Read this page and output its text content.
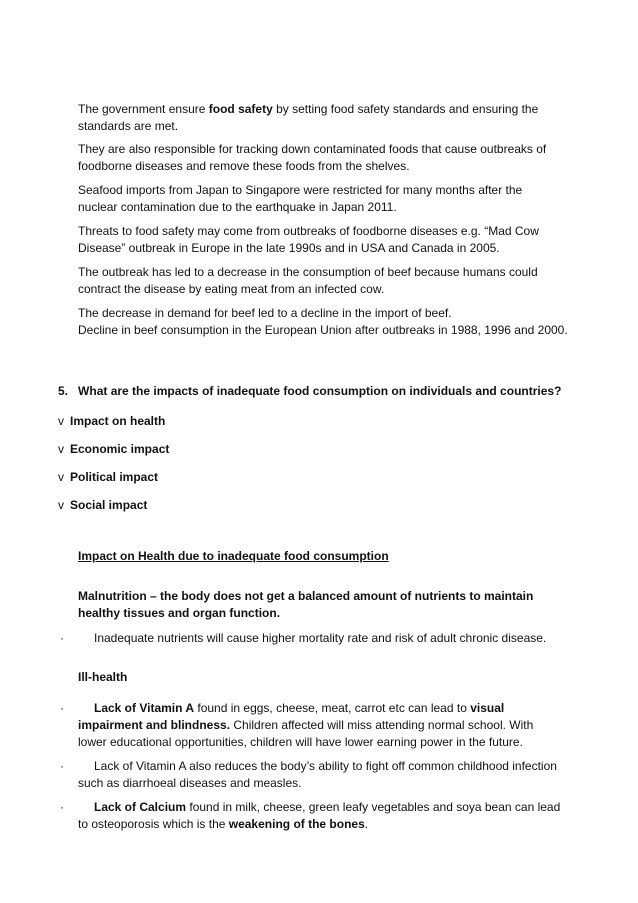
The government ensure food safety by setting food safety standards and ensuring the standards are met.

They are also responsible for tracking down contaminated foods that cause outbreaks of foodborne diseases and remove these foods from the shelves.

Seafood imports from Japan to Singapore were restricted for many months after the nuclear contamination due to the earthquake in Japan 2011.

Threats to food safety may come from outbreaks of foodborne diseases e.g. “Mad Cow Disease” outbreak in Europe in the late 1990s and in USA and Canada in 2005.

The outbreak has led to a decrease in the consumption of beef because humans could contract the disease by eating meat from an infected cow.

The decrease in demand for beef led to a decline in the import of beef.
Decline in beef consumption in the European Union after outbreaks in 1988, 1996 and 2000.

5. What are the impacts of inadequate food consumption on individuals and countries?
v Impact on health
v Economic impact
v Political impact
v Social impact
Impact on Health due to inadequate food consumption

Malnutrition – the body does not get a balanced amount of nutrients to maintain healthy tissues and organ function.

·	Inadequate nutrients will cause higher mortality rate and risk of adult chronic disease.

Ill-health
·	Lack of Vitamin A found in eggs, cheese, meat, carrot etc can lead to visual impairment and blindness. Children affected will miss attending normal school. With lower educational opportunities, children will have lower earning power in the future.

·	Lack of Vitamin A also reduces the body’s ability to fight off common childhood infection such as diarrhoeal diseases and measles.

·	Lack of Calcium found in milk, cheese, green leafy vegetables and soya bean can lead to osteoporosis which is the weakening of the bones.
